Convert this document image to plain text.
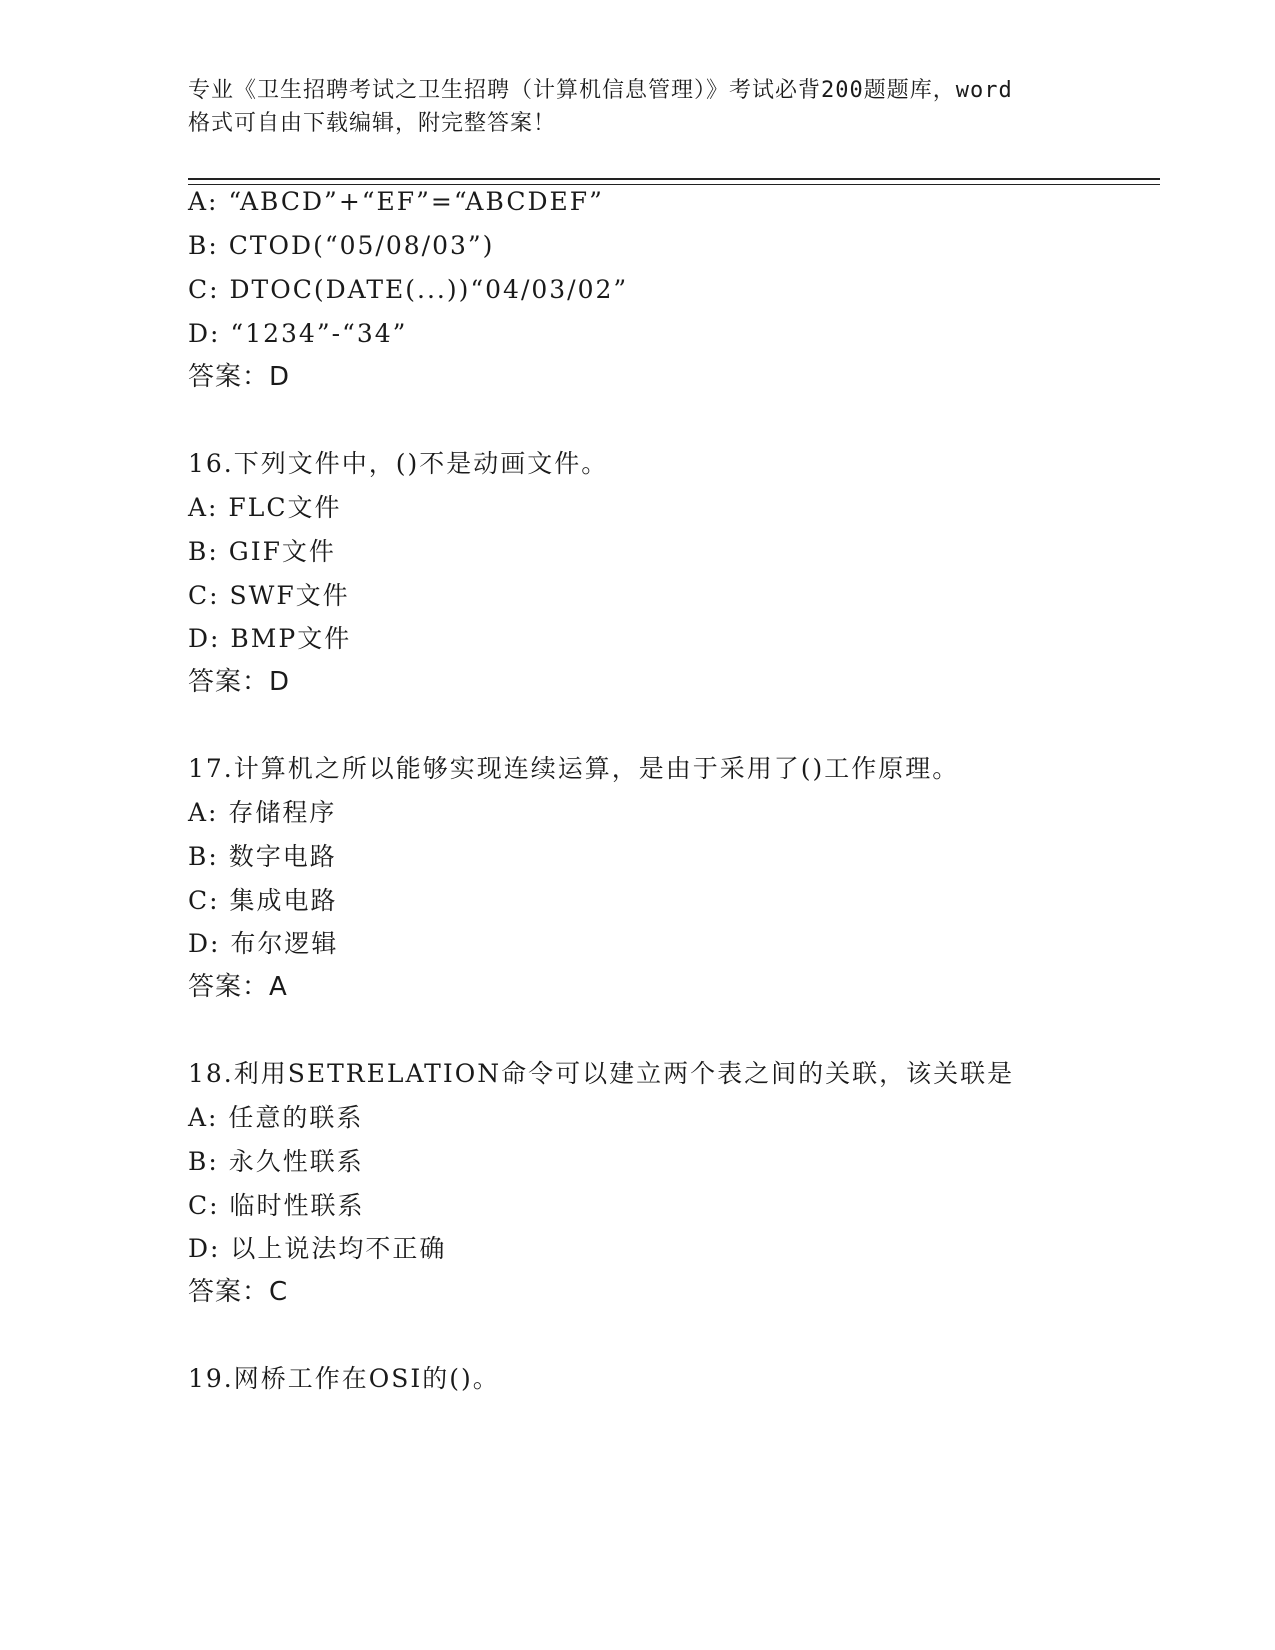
专业《卫生招聘考试之卫生招聘（计算机信息管理）》考试必背200题题库，word
格式可自由下载编辑，附完整答案！
A: “ABCD”+“EF”=“ABCDEF”
B: CTOD(“05/08/03”)
C: DTOC(DATE(...))“04/03/02”
D: “1234”-“34”
答案：D
16.下列文件中，()不是动画文件。
A: FLC文件
B: GIF文件
C: SWF文件
D: BMP文件
答案：D
17.计算机之所以能够实现连续运算，是由于采用了()工作原理。
A: 存储程序
B: 数字电路
C: 集成电路
D: 布尔逻辑
答案：A
18.利用SETRELATION命令可以建立两个表之间的关联，该关联是
A: 任意的联系
B: 永久性联系
C: 临时性联系
D: 以上说法均不正确
答案：C
19.网桥工作在OSI的()。
